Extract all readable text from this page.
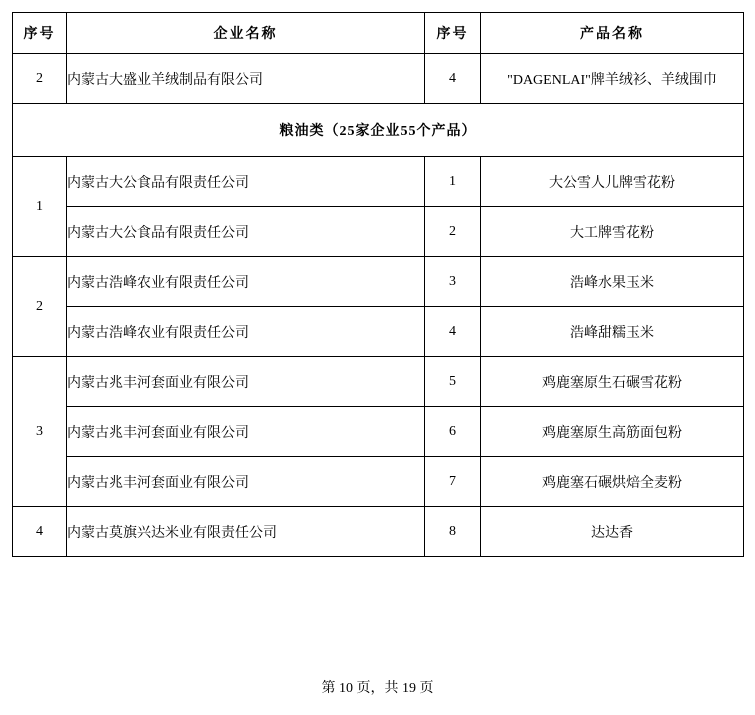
序号	企业名称	序号	产品名称
2	内蒙古大盛业羊绒制品有限公司	4	"DAGENLAI"牌羊绒衫、羊绒围巾
粮油类（25家企业55个产品）			
1	内蒙古大公食品有限责任公司	1	大公雪人儿牌雪花粉
	内蒙古大公食品有限责任公司	2	大工牌雪花粉
2	内蒙古浩峰农业有限责任公司	3	浩峰水果玉米
	内蒙古浩峰农业有限责任公司	4	浩峰甜糯玉米
3	内蒙古兆丰河套面业有限公司	5	鸡鹿塞原生石碾雪花粉
	内蒙古兆丰河套面业有限公司	6	鸡鹿塞原生高筋面包粉
	内蒙古兆丰河套面业有限公司	7	鸡鹿塞石碾烘焙全麦粉
4	内蒙古莫旗兴达米业有限责任公司	8	达达香
第 10 页，共 19 页
